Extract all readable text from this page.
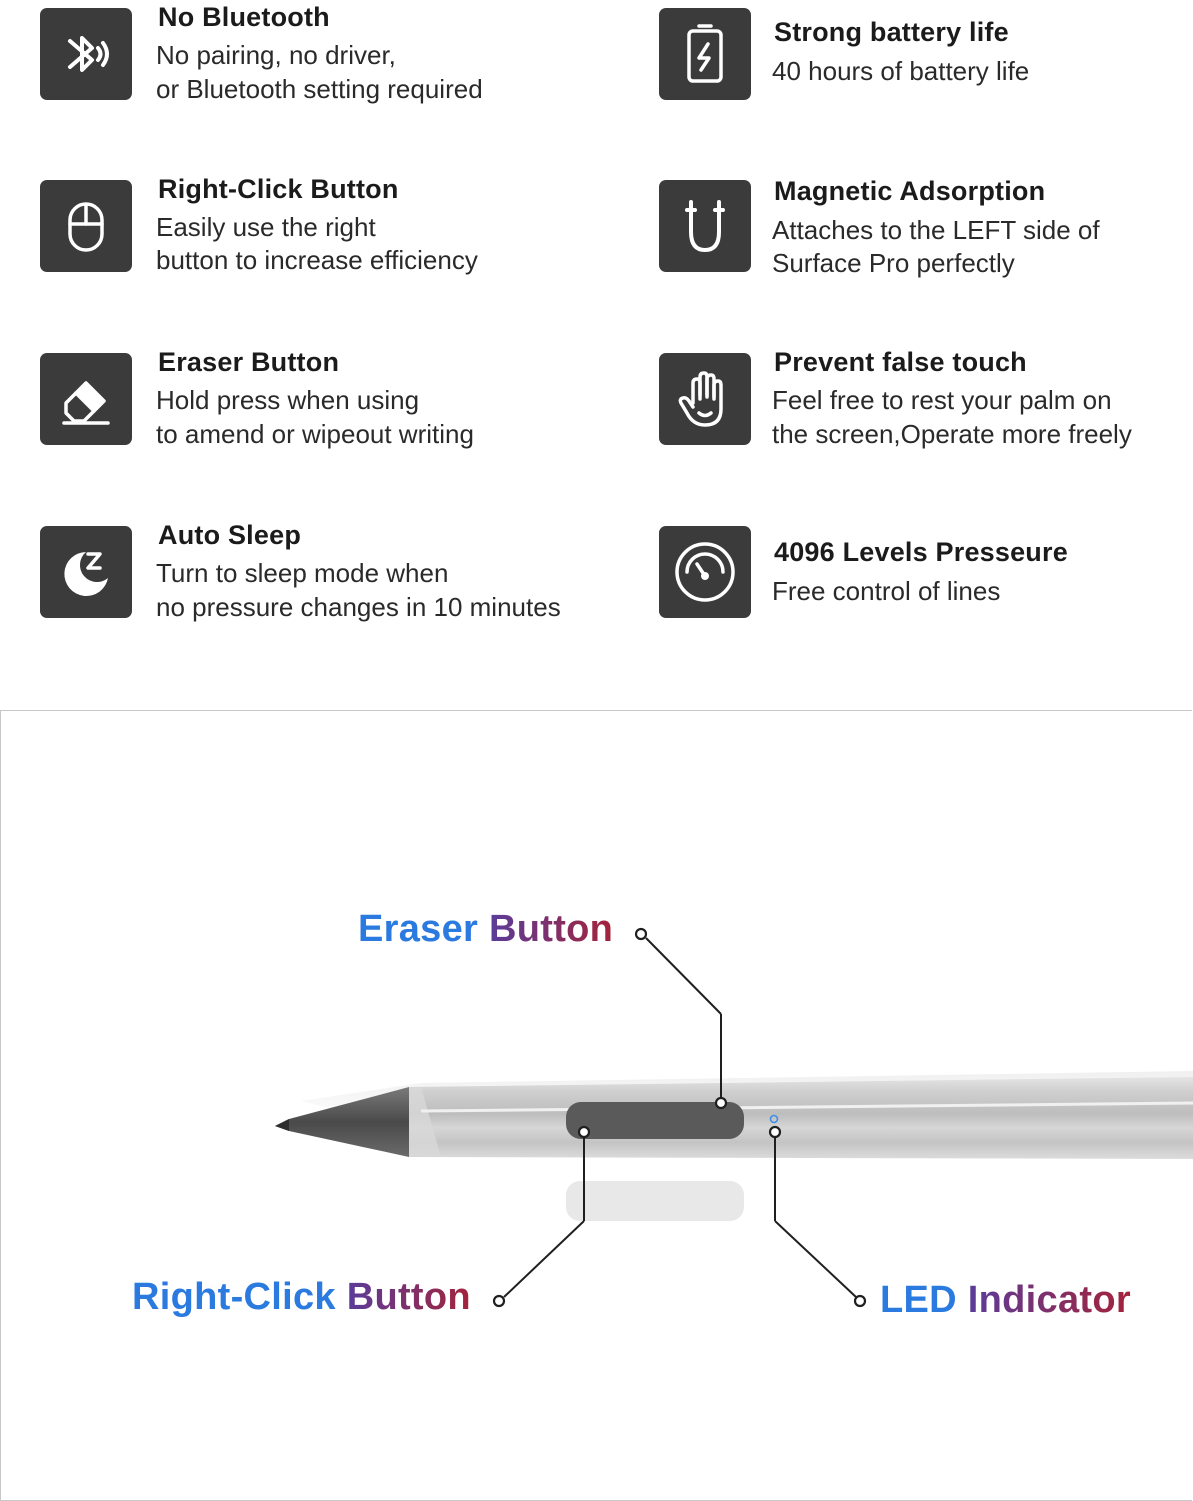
No Bluetooth
No pairing, no driver,
or Bluetooth setting required
Strong battery life
40 hours of battery life
Right-Click Button
Easily use the right
button to increase efficiency
Magnetic Adsorption
Attaches to the LEFT side of
Surface Pro perfectly
Eraser Button
Hold press when using
to amend or wipeout writing
Prevent false touch
Feel free to rest your palm on
the screen,Operate more freely
Auto Sleep
Turn to sleep mode when
no pressure changes in 10 minutes
4096 Levels Presseure
Free control of lines
Eraser Button
Right-Click Button	LED Indicator
